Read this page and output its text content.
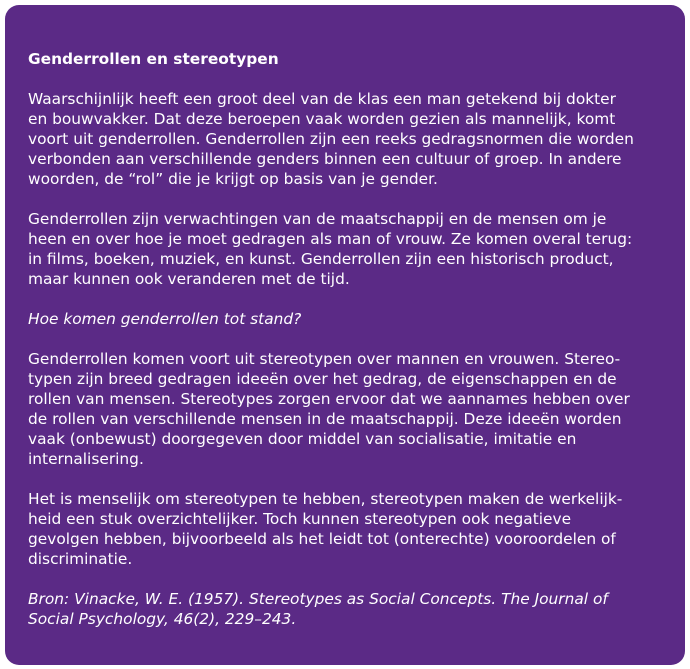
Genderrollen en stereotypen
Waarschijnlijk heeft een groot deel van de klas een man getekend bij dokter
en bouwvakker. Dat deze beroepen vaak worden gezien als mannelijk, komt
voort uit genderrollen. Genderrollen zijn een reeks gedragsnormen die worden
verbonden aan verschillende genders binnen een cultuur of groep. In andere
woorden, de “rol” die je krijgt op basis van je gender.
Genderrollen zijn verwachtingen van de maatschappij en de mensen om je
heen en over hoe je moet gedragen als man of vrouw. Ze komen overal terug:
in films, boeken, muziek, en kunst. Genderrollen zijn een historisch product,
maar kunnen ook veranderen met de tijd.
Hoe komen genderrollen tot stand?
Genderrollen komen voort uit stereotypen over mannen en vrouwen. Stereo-
typen zijn breed gedragen ideeën over het gedrag, de eigenschappen en de
rollen van mensen. Stereotypes zorgen ervoor dat we aannames hebben over
de rollen van verschillende mensen in de maatschappij. Deze ideeën worden
vaak (onbewust) doorgegeven door middel van socialisatie, imitatie en
internalisering.
Het is menselijk om stereotypen te hebben, stereotypen maken de werkelijk-
heid een stuk overzichtelijker. Toch kunnen stereotypen ook negatieve
gevolgen hebben, bijvoorbeeld als het leidt tot (onterechte) vooroordelen of
discriminatie.
Bron: Vinacke, W. E. (1957). Stereotypes as Social Concepts. The Journal of
Social Psychology, 46(2), 229–243.
